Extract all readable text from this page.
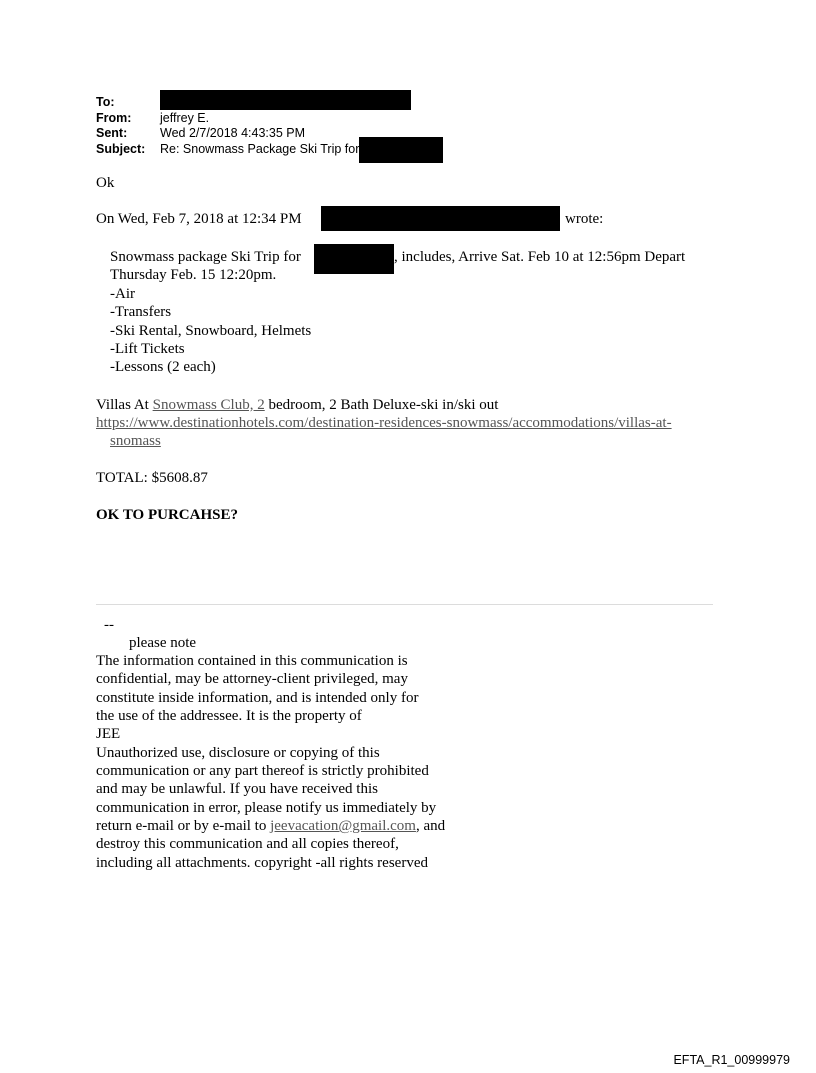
To:
From:	jeffrey E.
Sent:	Wed 2/7/2018 4:43:35 PM
Subject:	Re: Snowmass Package Ski Trip for
Ok
On Wed, Feb 7, 2018 at 12:34 PM	wrote:
Snowmass package Ski Trip for	, includes, Arrive Sat. Feb 10 at 12:56pm Depart
Thursday Feb. 15 12:20pm.
-Air
-Transfers
-Ski Rental, Snowboard, Helmets
-Lift Tickets
-Lessons (2 each)
Villas At Snowmass Club, 2 bedroom, 2 Bath Deluxe-ski in/ski out
https://www.destinationhotels.com/destination-residences-snowmass/accommodations/villas-at-
snomass
TOTAL: $5608.87
OK TO PURCAHSE?
--
please note
The information contained in this communication is
confidential, may be attorney-client privileged, may
constitute inside information, and is intended only for
the use of the addressee. It is the property of
JEE
Unauthorized use, disclosure or copying of this
communication or any part thereof is strictly prohibited
and may be unlawful. If you have received this
communication in error, please notify us immediately by
return e-mail or by e-mail to jeevacation@gmail.com, and
destroy this communication and all copies thereof,
including all attachments. copyright -all rights reserved
EFTA_R1_00999979
